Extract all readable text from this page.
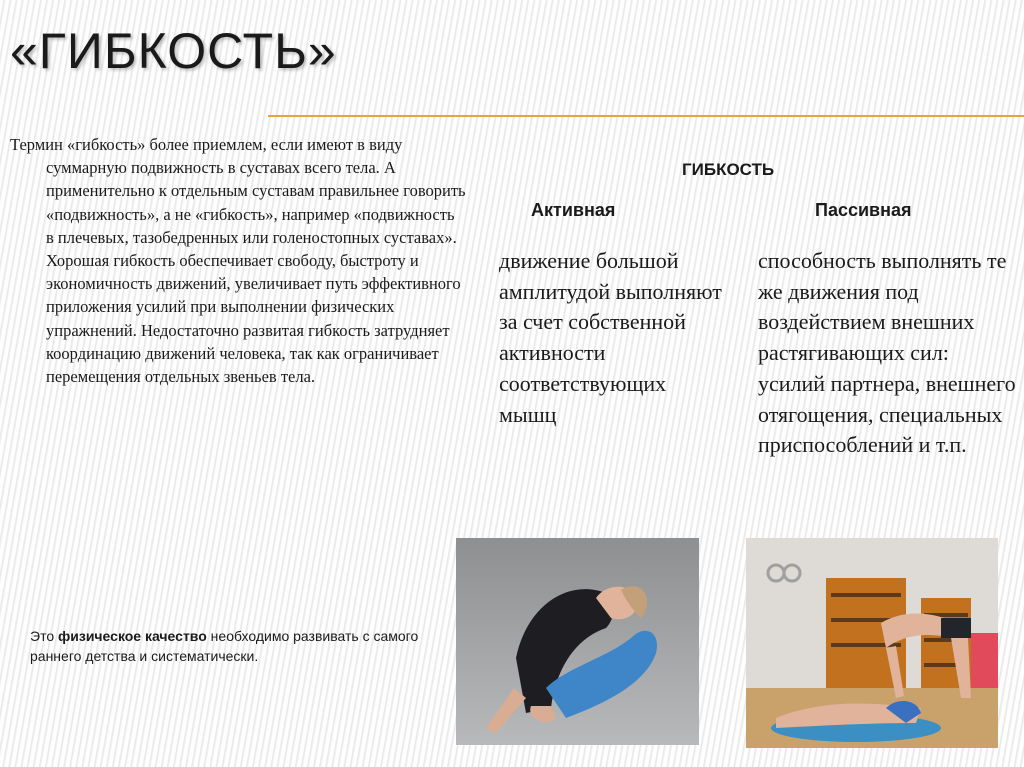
«ГИБКОСТЬ»

Термин «гибкость» более приемлем, если имеют в виду суммарную подвижность в суставах всего тела. А применительно к отдельным суставам правильнее говорить «подвижность», а не «гибкость», например «подвижность в плечевых, тазобедренных или голеностопных суставах». Хорошая гибкость обеспечивает свободу, быстроту и экономичность движений, увеличивает путь эффективного приложения усилий при выполнении физических упражнений. Недостаточно развитая гибкость затрудняет координацию движений человека, так как ограничивает перемещения отдельных звеньев тела.

ГИБКОСТЬ
Активная	Пассивная

движение большой амплитудой выполняют за счет собственной активности соответствующих мышц

способность выполнять те же движения под воздействием внешних растягивающих сил: усилий партнера, внешнего отягощения, специальных приспособлений и т.п.

Это физическое качество необходимо развивать с самого раннего детства и систематически.
